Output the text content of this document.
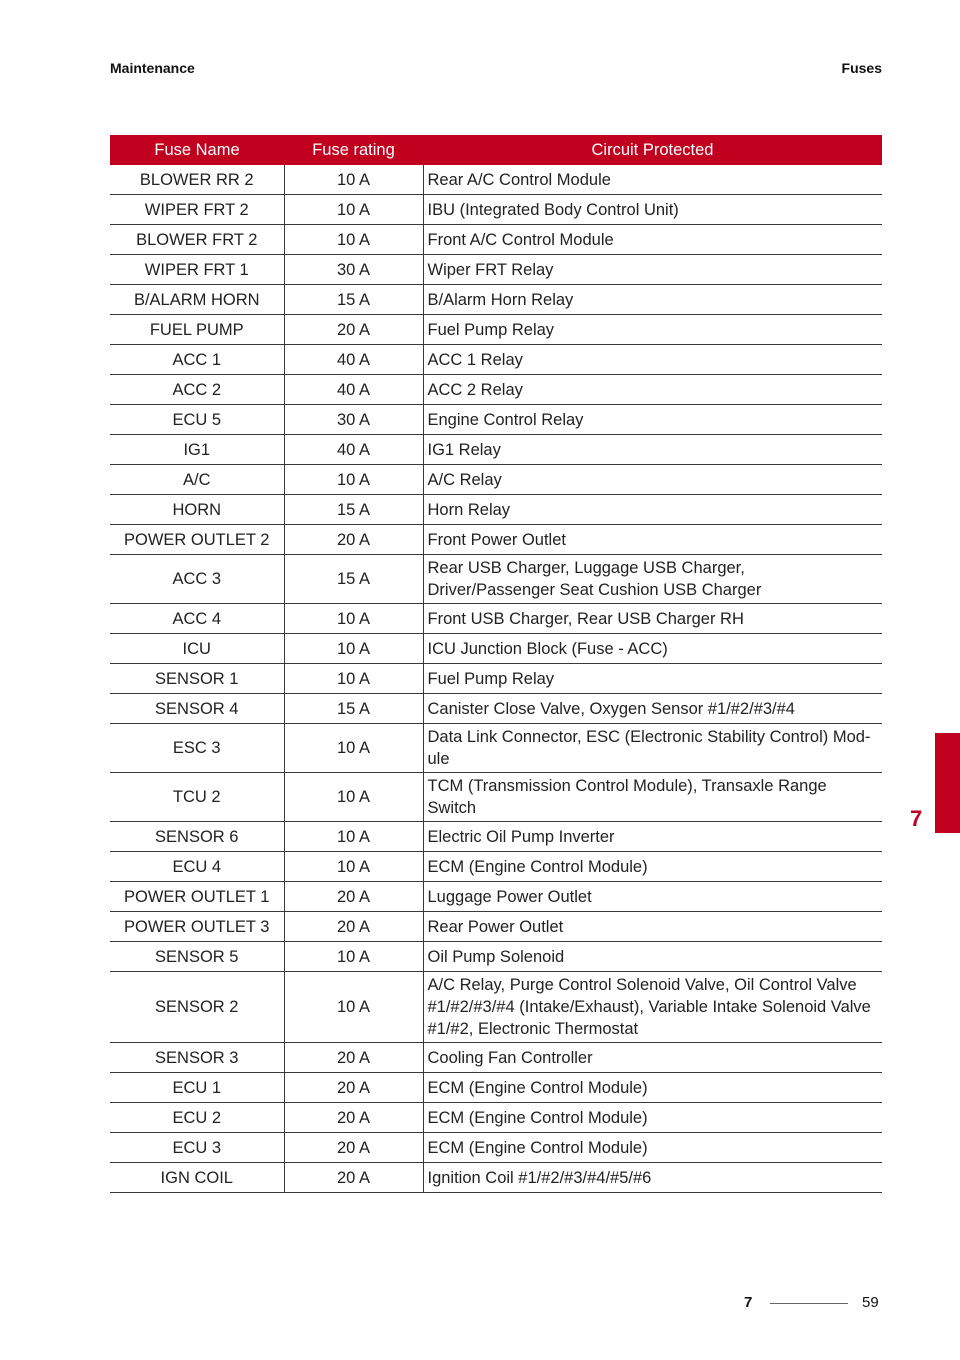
Maintenance	Fuses
Fuse Name	Fuse rating	Circuit Protected
BLOWER RR 2	10 A	Rear A/C Control Module
WIPER FRT 2	10 A	IBU (Integrated Body Control Unit)
BLOWER FRT 2	10 A	Front A/C Control Module
WIPER FRT 1	30 A	Wiper FRT Relay
B/ALARM HORN	15 A	B/Alarm Horn Relay
FUEL PUMP	20 A	Fuel Pump Relay
ACC 1	40 A	ACC 1 Relay
ACC 2	40 A	ACC 2 Relay
ECU 5	30 A	Engine Control Relay
IG1	40 A	IG1 Relay
A/C	10 A	A/C Relay
HORN	15 A	Horn Relay
POWER OUTLET 2	20 A	Front Power Outlet
ACC 3	15 A	Rear USB Charger, Luggage USB Charger, Driver/Passenger Seat Cushion USB Charger
ACC 4	10 A	Front USB Charger, Rear USB Charger RH
ICU	10 A	ICU Junction Block (Fuse - ACC)
SENSOR 1	10 A	Fuel Pump Relay
SENSOR 4	15 A	Canister Close Valve, Oxygen Sensor #1/#2/#3/#4
ESC 3	10 A	Data Link Connector, ESC (Electronic Stability Control) Mod-ule
TCU 2	10 A	TCM (Transmission Control Module), Transaxle Range Switch
SENSOR 6	10 A	Electric Oil Pump Inverter
ECU 4	10 A	ECM (Engine Control Module)
POWER OUTLET 1	20 A	Luggage Power Outlet
POWER OUTLET 3	20 A	Rear Power Outlet
SENSOR 5	10 A	Oil Pump Solenoid
SENSOR 2	10 A	A/C Relay, Purge Control Solenoid Valve, Oil Control Valve #1/#2/#3/#4 (Intake/Exhaust), Variable Intake Solenoid Valve #1/#2, Electronic Thermostat
SENSOR 3	20 A	Cooling Fan Controller
ECU 1	20 A	ECM (Engine Control Module)
ECU 2	20 A	ECM (Engine Control Module)
ECU 3	20 A	ECM (Engine Control Module)
IGN COIL	20 A	Ignition Coil #1/#2/#3/#4/#5/#6
7
7	59
